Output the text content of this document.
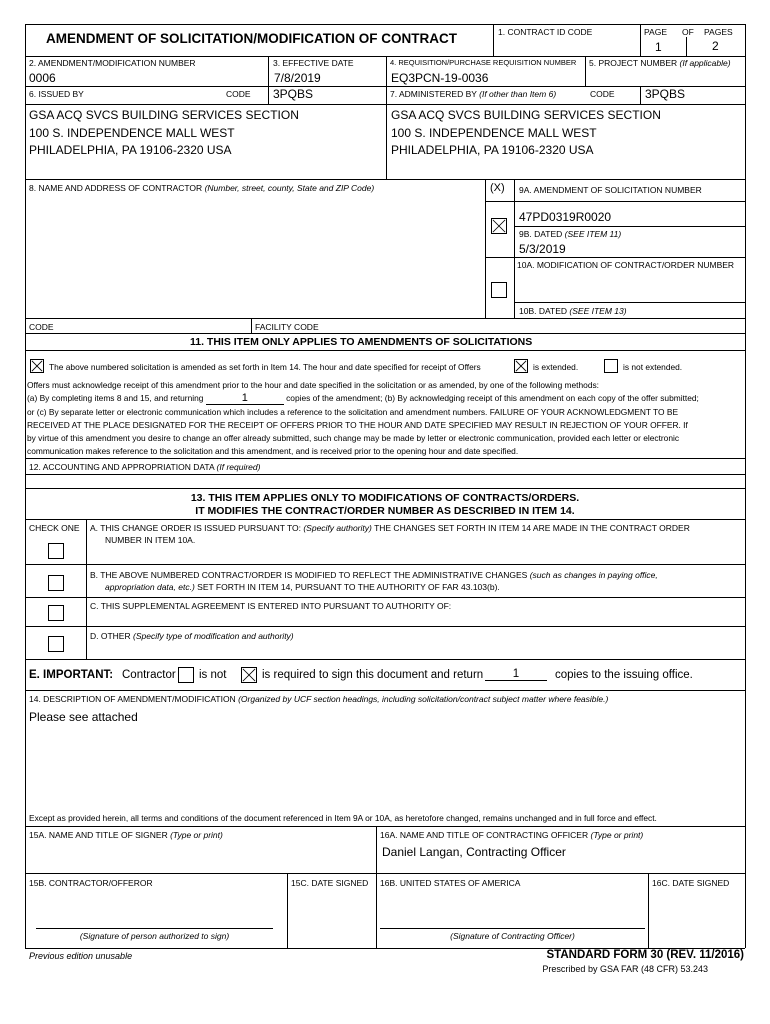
AMENDMENT OF SOLICITATION/MODIFICATION OF CONTRACT	1. CONTRACT ID CODE	PAGE OF PAGES
1	2
2. AMENDMENT/MODIFICATION NUMBER
0006
3. EFFECTIVE DATE
7/8/2019
4. REQUISITION/PURCHASE REQUISITION NUMBER
EQ3PCN-19-0036
5. PROJECT NUMBER (If applicable)
6. ISSUED BY	CODE 3PQBS	7. ADMINISTERED BY (If other than Item 6)	CODE	3PQBS
GSA ACQ SVCS BUILDING SERVICES SECTION
100 S. INDEPENDENCE MALL WEST
PHILADELPHIA, PA 19106-2320 USA
GSA ACQ SVCS BUILDING SERVICES SECTION
100 S. INDEPENDENCE MALL WEST
PHILADELPHIA, PA 19106-2320 USA
8. NAME AND ADDRESS OF CONTRACTOR (Number, street, county, State and ZIP Code)	(X) 9A. AMENDMENT OF SOLICITATION NUMBER
47PD0319R0020
9B. DATED (SEE ITEM 11)
5/3/2019
10A. MODIFICATION OF CONTRACT/ORDER NUMBER
10B. DATED (SEE ITEM 13)
CODE	FACILITY CODE
11. THIS ITEM ONLY APPLIES TO AMENDMENTS OF SOLICITATIONS
The above numbered solicitation is amended as set forth in Item 14. The hour and date specified for receipt of Offers	is extended.	is not extended.
Offers must acknowledge receipt of this amendment prior to the hour and date specified in the solicitation or as amended, by one of the following methods:
(a) By completing items 8 and 15, and returning	1	copies of the amendment; (b) By acknowledging receipt of this amendment on each copy of the offer submitted;
or (c) By separate letter or electronic communication which includes a reference to the solicitation and amendment numbers. FAILURE OF YOUR ACKNOWLEDGMENT TO BE
RECEIVED AT THE PLACE DESIGNATED FOR THE RECEIPT OF OFFERS PRIOR TO THE HOUR AND DATE SPECIFIED MAY RESULT IN REJECTION OF YOUR OFFER. If
by virtue of this amendment you desire to change an offer already submitted, such change may be made by letter or electronic communication, provided each letter or electronic
communication makes reference to the solicitation and this amendment, and is received prior to the opening hour and date specified.
12. ACCOUNTING AND APPROPRIATION DATA (If required)
13. THIS ITEM APPLIES ONLY TO MODIFICATIONS OF CONTRACTS/ORDERS.
IT MODIFIES THE CONTRACT/ORDER NUMBER AS DESCRIBED IN ITEM 14.
CHECK ONE A. THIS CHANGE ORDER IS ISSUED PURSUANT TO: (Specify authority) THE CHANGES SET FORTH IN ITEM 14 ARE MADE IN THE CONTRACT ORDER
NUMBER IN ITEM 10A.
B. THE ABOVE NUMBERED CONTRACT/ORDER IS MODIFIED TO REFLECT THE ADMINISTRATIVE CHANGES (such as changes in paying office,
appropriation data, etc.) SET FORTH IN ITEM 14, PURSUANT TO THE AUTHORITY OF FAR 43.103(b).
C. THIS SUPPLEMENTAL AGREEMENT IS ENTERED INTO PURSUANT TO AUTHORITY OF:
D. OTHER (Specify type of modification and authority)
E. IMPORTANT: Contractor is not	is required to sign this document and return	1	copies to the issuing office.
14. DESCRIPTION OF AMENDMENT/MODIFICATION (Organized by UCF section headings, including solicitation/contract subject matter where feasible.)
Please see attached
Except as provided herein, all terms and conditions of the document referenced in Item 9A or 10A, as heretofore changed, remains unchanged and in full force and effect.
15A. NAME AND TITLE OF SIGNER (Type or print)	16A. NAME AND TITLE OF CONTRACTING OFFICER (Type or print)
Daniel Langan, Contracting Officer
15B. CONTRACTOR/OFFEROR	15C. DATE SIGNED 16B. UNITED STATES OF AMERICA	16C. DATE SIGNED
(Signature of person authorized to sign)	(Signature of Contracting Officer)
Previous edition unusable	STANDARD FORM 30 (REV. 11/2016)
Prescribed by GSA FAR (48 CFR) 53.243
